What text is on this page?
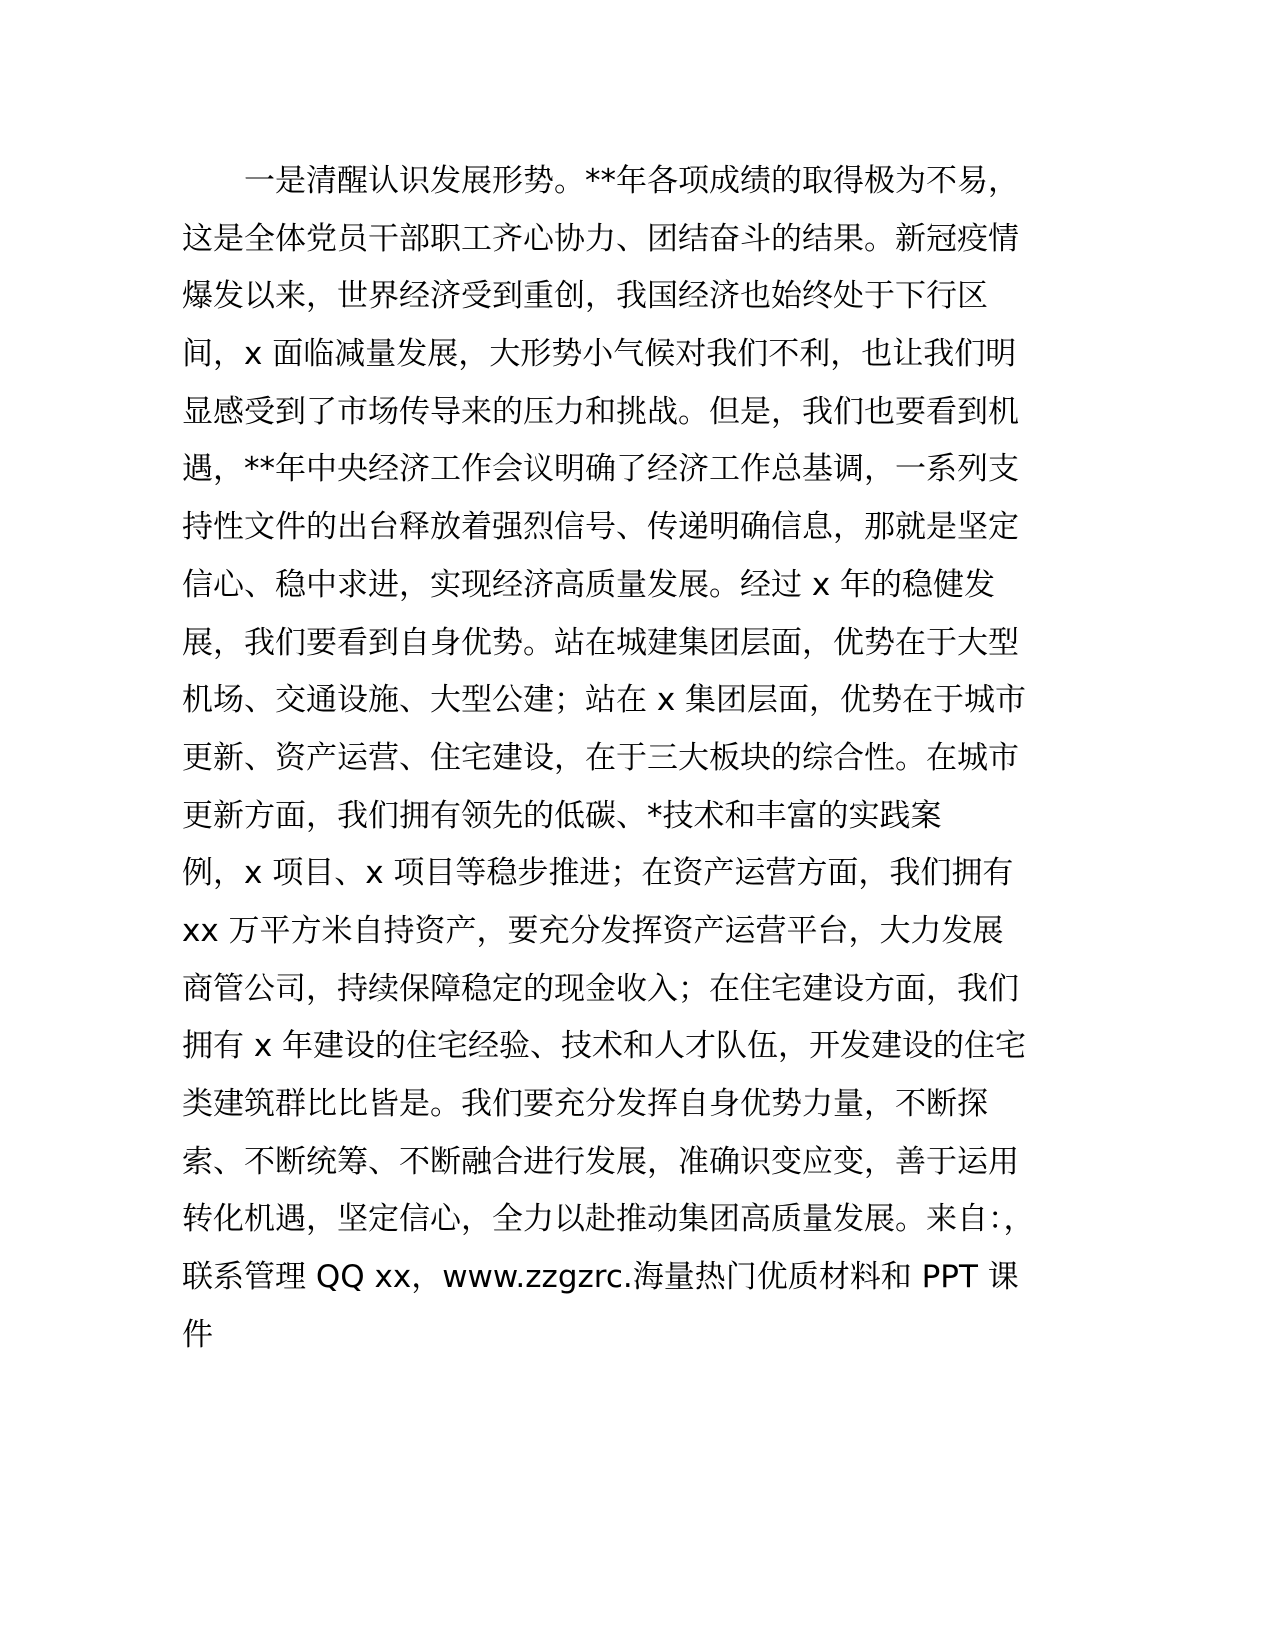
一是清醒认识发展形势。**年各项成绩的取得极为不易，
这是全体党员干部职工齐心协力、团结奋斗的结果。新冠疫情
爆发以来，世界经济受到重创，我国经济也始终处于下行区
间，x 面临减量发展，大形势小气候对我们不利，也让我们明
显感受到了市场传导来的压力和挑战。但是，我们也要看到机
遇，**年中央经济工作会议明确了经济工作总基调，一系列支
持性文件的出台释放着强烈信号、传递明确信息，那就是坚定
信心、稳中求进，实现经济高质量发展。经过 x 年的稳健发
展，我们要看到自身优势。站在城建集团层面，优势在于大型
机场、交通设施、大型公建；站在 x 集团层面，优势在于城市
更新、资产运营、住宅建设，在于三大板块的综合性。在城市
更新方面，我们拥有领先的低碳、*技术和丰富的实践案
例，x 项目、x 项目等稳步推进；在资产运营方面，我们拥有
xx 万平方米自持资产，要充分发挥资产运营平台，大力发展
商管公司，持续保障稳定的现金收入；在住宅建设方面，我们
拥有 x 年建设的住宅经验、技术和人才队伍，开发建设的住宅
类建筑群比比皆是。我们要充分发挥自身优势力量，不断探
索、不断统筹、不断融合进行发展，准确识变应变，善于运用
转化机遇，坚定信心，全力以赴推动集团高质量发展。来自：，
联系管理 QQ xx，www.zzgzrc.海量热门优质材料和 PPT 课
件
